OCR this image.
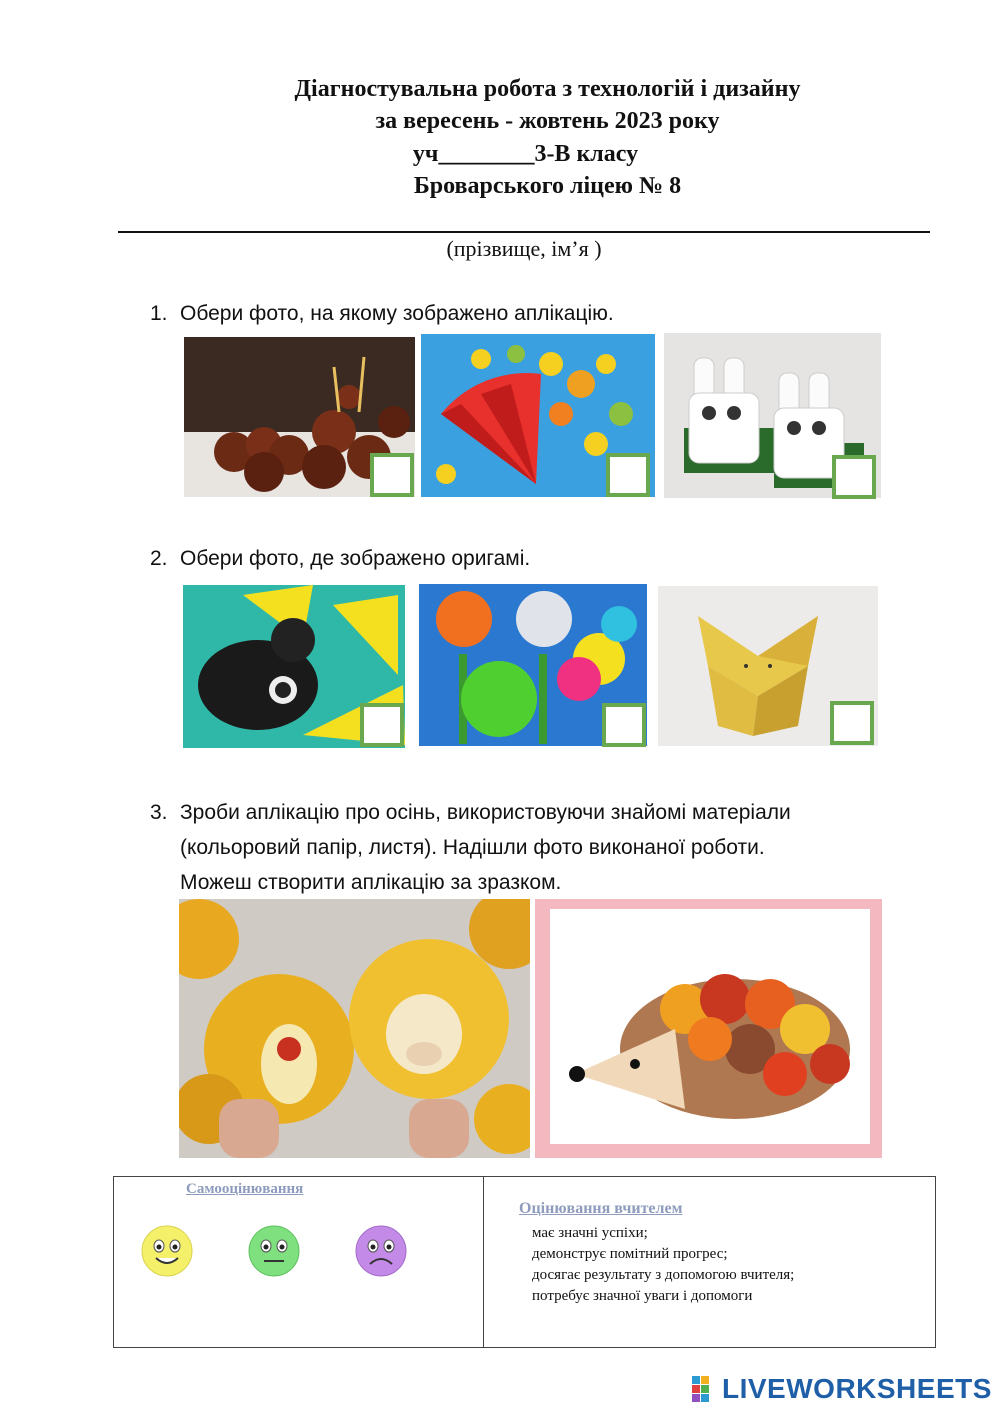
Діагностувальна робота з технологій і дизайну
за вересень - жовтень 2023 року
уч________3-В класу
Броварського ліцею № 8
(прізвище, ім’я )
1. Обери фото, на якому зображено аплікацію.
2. Обери фото, де зображено оригамі.
3. Зроби аплікацію про осінь, використовуючи знайомі матеріали
(кольоровий папір, листя). Надішли фото виконаної роботи.
Можеш створити аплікацію за зразком.
Самооцінювання
Оцінювання вчителем
має значні успіхи;
демонструє помітний прогрес;
досягає результату з допомогою вчителя;
потребує значної уваги і допомоги
LIVEWORKSHEETS
